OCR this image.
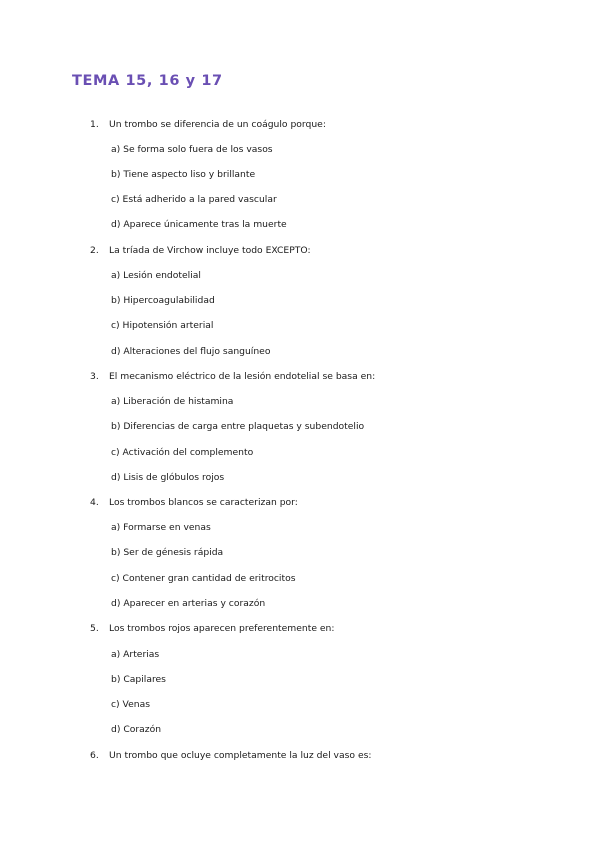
TEMA 15, 16 y 17
1. Un trombo se diferencia de un coágulo porque:
a) Se forma solo fuera de los vasos
b) Tiene aspecto liso y brillante
c) Está adherido a la pared vascular
d) Aparece únicamente tras la muerte
2. La tríada de Virchow incluye todo EXCEPTO:
a) Lesión endotelial
b) Hipercoagulabilidad
c) Hipotensión arterial
d) Alteraciones del flujo sanguíneo
3. El mecanismo eléctrico de la lesión endotelial se basa en:
a) Liberación de histamina
b) Diferencias de carga entre plaquetas y subendotelio
c) Activación del complemento
d) Lisis de glóbulos rojos
4. Los trombos blancos se caracterizan por:
a) Formarse en venas
b) Ser de génesis rápida
c) Contener gran cantidad de eritrocitos
d) Aparecer en arterias y corazón
5. Los trombos rojos aparecen preferentemente en:
a) Arterias
b) Capilares
c) Venas
d) Corazón
6. Un trombo que ocluye completamente la luz del vaso es:
